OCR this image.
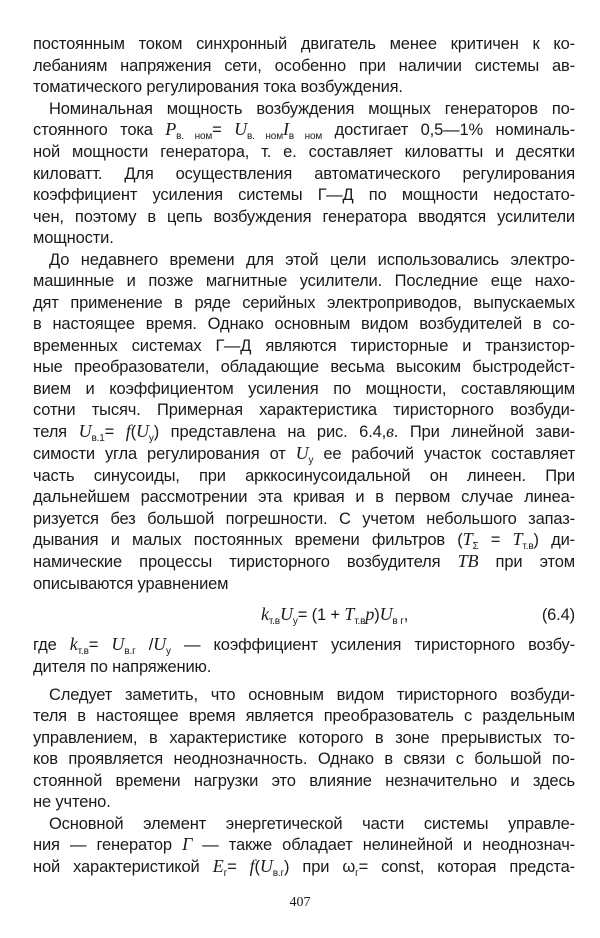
постоянным током синхронный двигатель менее критичен к ко-
лебаниям напряжения сети, особенно при наличии системы ав-
томатического регулирования тока возбуждения.
Номинальная мощность возбуждения мощных генераторов по-
стоянного тока $P_{в. ном}= U_{в. ном}I_{в ном}$ достигает 0,5—1% номиналь-
ной мощности генератора, т. е. составляет киловатты и десятки
киловатт. Для осуществления автоматического регулирования
коэффициент усиления системы Г—Д по мощности недостато-
чен, поэтому в цепь возбуждения генератора вводятся усилители
мощности.
До недавнего времени для этой цели использовались электро-
машинные и позже магнитные усилители. Последние еще нахо-
дят применение в ряде серийных электроприводов, выпускаемых
в настоящее время. Однако основным видом возбудителей в со-
временных системах Г—Д являются тиристорные и транзистор-
ные преобразователи, обладающие весьма высоким быстродейст-
вием и коэффициентом усиления по мощности, составляющим
сотни тысяч. Примерная характеристика тиристорного возбуди-
теля $U_{в.1}= f(U_у)$ представлена на рис. 6.4,в. При линейной зави-
симости угла регулирования от $U_у$ ее рабочий участок составляет
часть синусоиды, при арккосинусоидальной он линеен. При
дальнейшем рассмотрении эта кривая и в первом случае линеа-
ризуется без большой погрешности. С учетом небольшого запаз-
дывания и малых постоянных времени фильтров $(T_\Sigma = T_{т.в})$ ди-
намические процессы тиристорного возбудителя ТВ при этом
описываются уравнением
$k_{т.в}U_у= (1 + T_{т.в}p)U_{в г}$,	(6.4)
где $k_{т.в}= U_{в.г}$ $/U_у$ — коэффициент усиления тиристорного возбу-
дителя по напряжению.
Следует заметить, что основным видом тиристорного возбуди-
теля в настоящее время является преобразователь с раздельным
управлением, в характеристике которого в зоне прерывистых то-
ков проявляется неоднозначность. Однако в связи с большой по-
стоянной времени нагрузки это влияние незначительно и здесь
не учтено.
Основной элемент энергетической части системы управле-
ния — генератор Г — также обладает нелинейной и неоднознач-
ной характеристикой $E_г= f(U_{в.г})$ при $\omega_г=$ const, которая предста-
407
